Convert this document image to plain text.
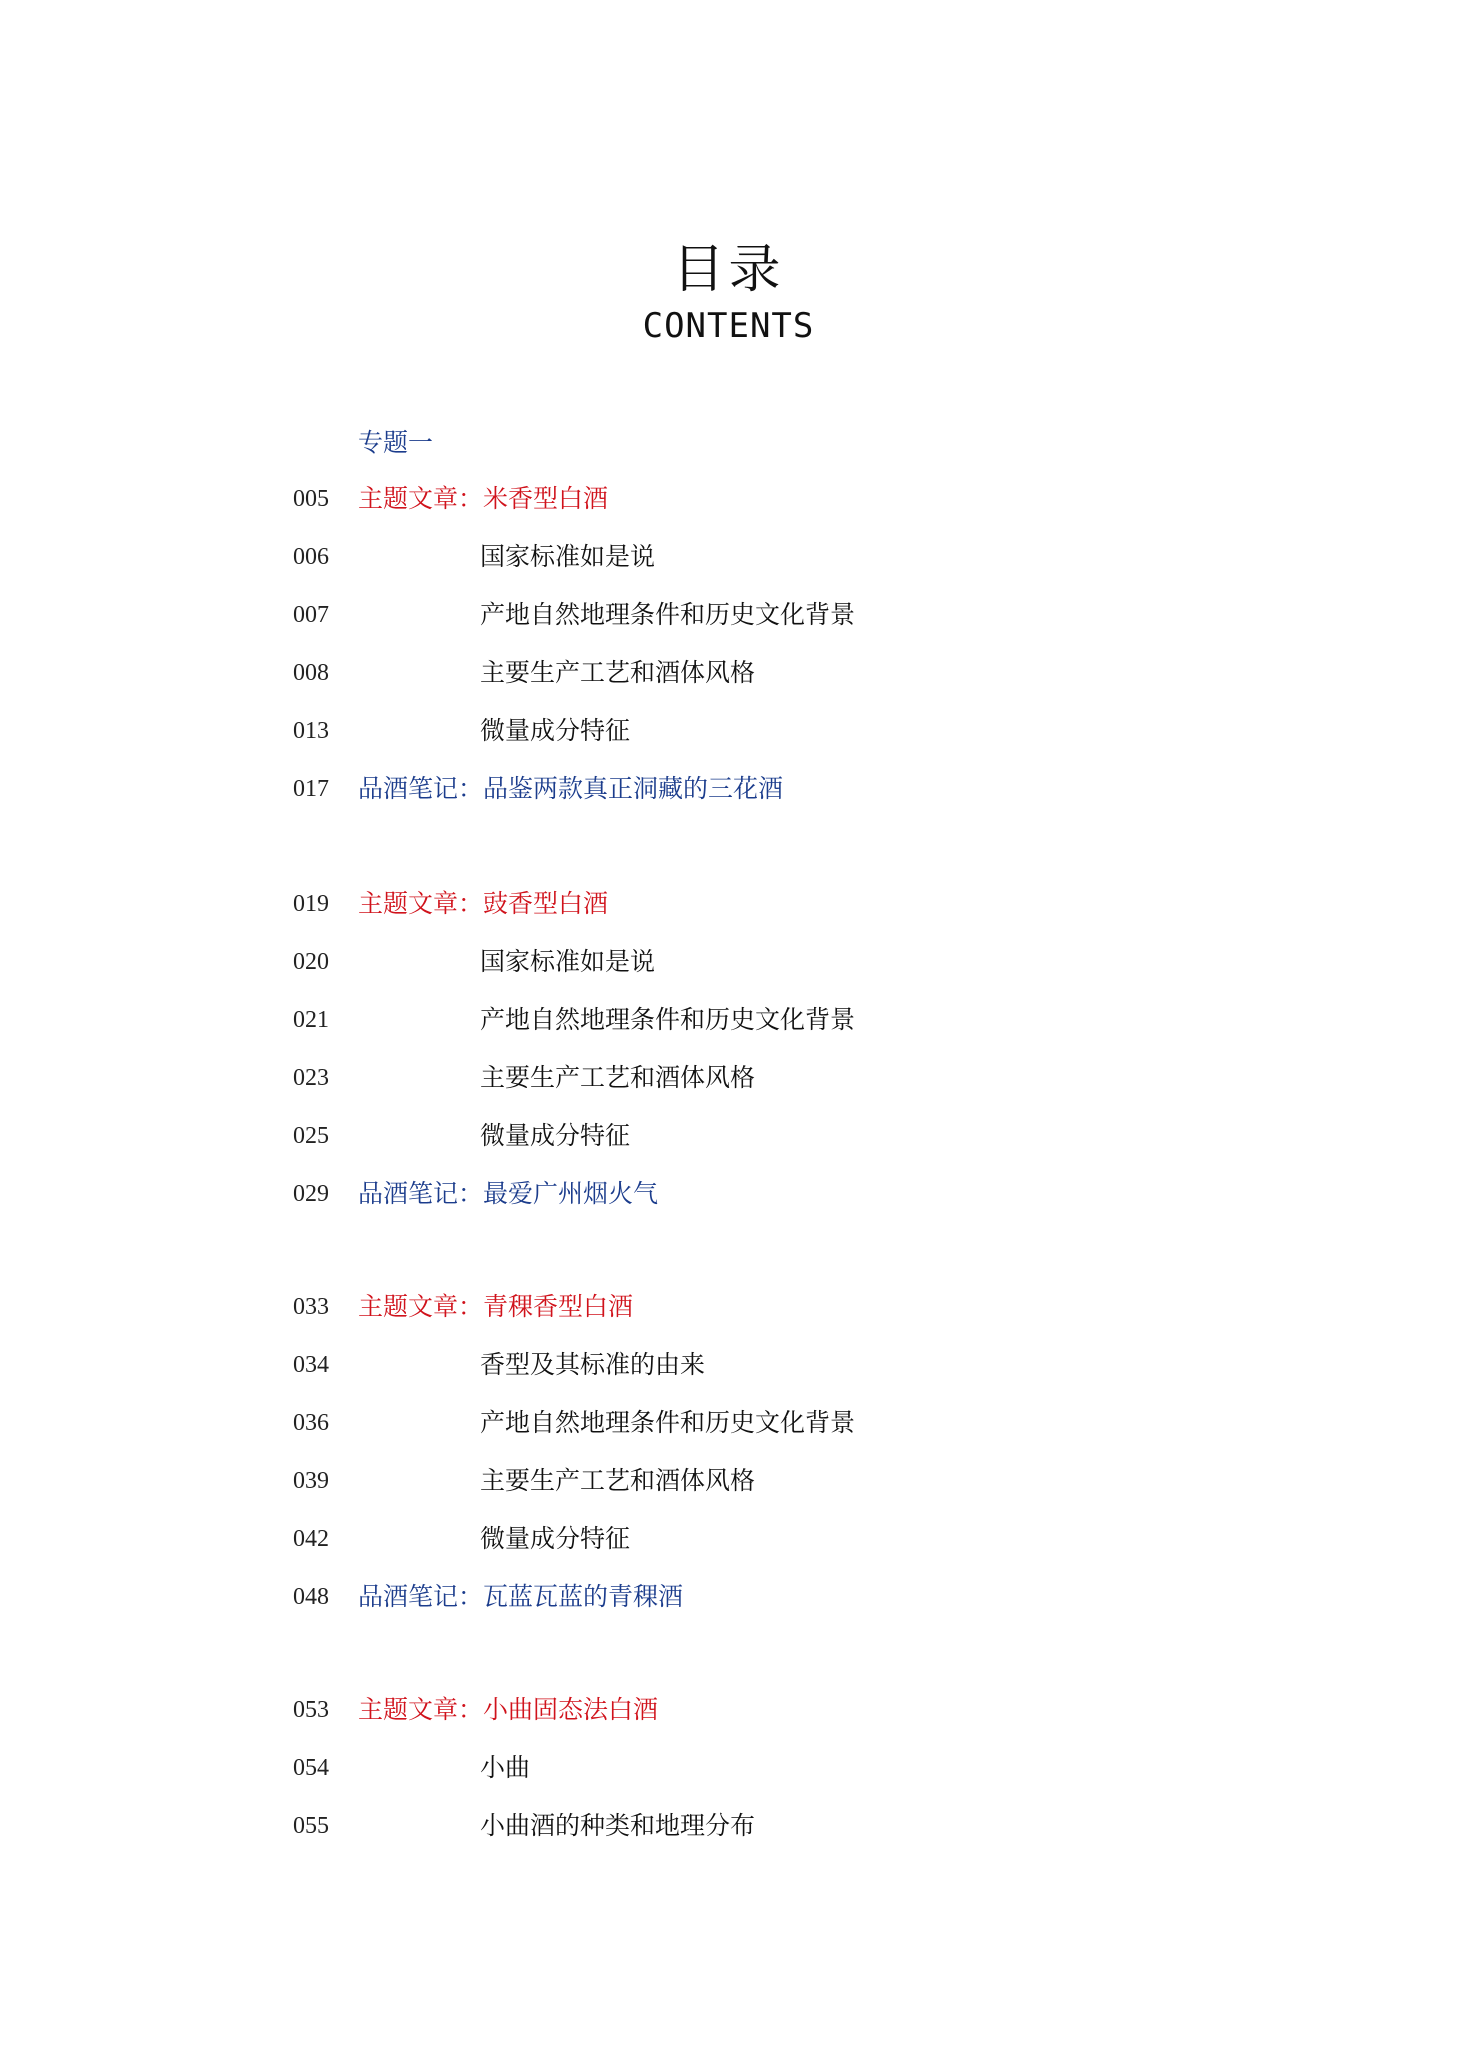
目录
CONTENTS
专题一
005 主题文章：米香型白酒
006	国家标准如是说
007	产地自然地理条件和历史文化背景
008	主要生产工艺和酒体风格
013	微量成分特征
017 品酒笔记：品鉴两款真正洞藏的三花酒
019 主题文章：豉香型白酒
020	国家标准如是说
021	产地自然地理条件和历史文化背景
023	主要生产工艺和酒体风格
025	微量成分特征
029 品酒笔记：最爱广州烟火气
033 主题文章：青稞香型白酒
034	香型及其标准的由来
036	产地自然地理条件和历史文化背景
039	主要生产工艺和酒体风格
042	微量成分特征
048 品酒笔记：瓦蓝瓦蓝的青稞酒
053 主题文章：小曲固态法白酒
054	小曲
055	小曲酒的种类和地理分布
